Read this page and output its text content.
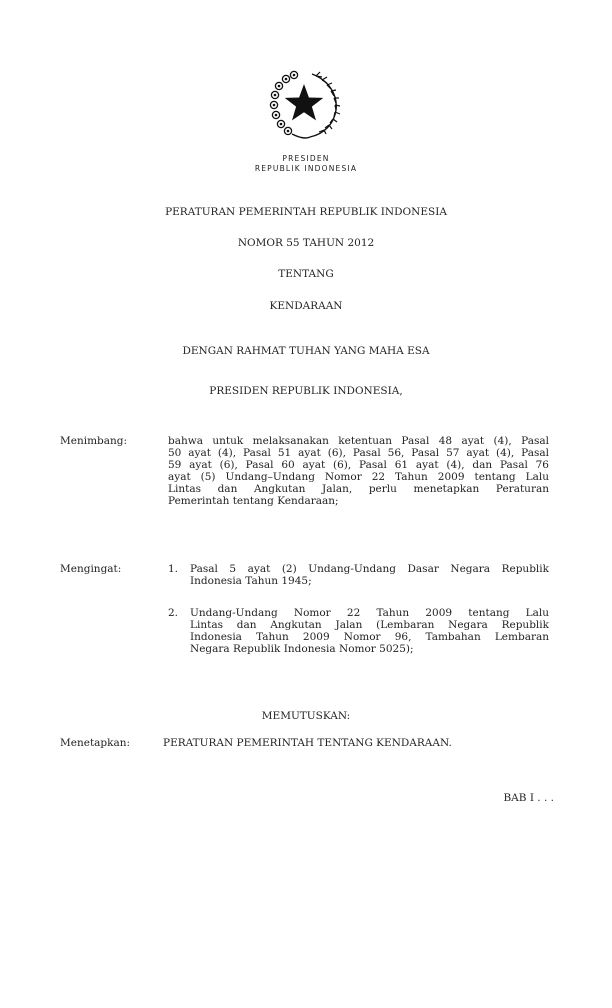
PRESIDEN
REPUBLIK INDONESIA
PERATURAN PEMERINTAH REPUBLIK INDONESIA
NOMOR 55 TAHUN 2012
TENTANG
KENDARAAN
DENGAN RAHMAT TUHAN YANG MAHA ESA
PRESIDEN REPUBLIK INDONESIA,
Menimbang:	bahwa untuk melaksanakan ketentuan Pasal 48 ayat (4), Pasal
50 ayat (4), Pasal 51 ayat (6), Pasal 56, Pasal 57 ayat (4), Pasal
59 ayat (6), Pasal 60 ayat (6), Pasal 61 ayat (4), dan Pasal 76
ayat (5) Undang–Undang Nomor 22 Tahun 2009 tentang Lalu
Lintas dan Angkutan Jalan, perlu menetapkan Peraturan
Pemerintah tentang Kendaraan;
Mengingat:	1. Pasal 5 ayat (2) Undang-Undang Dasar Negara Republik
Indonesia Tahun 1945;
2. Undang-Undang Nomor 22 Tahun 2009 tentang Lalu
Lintas dan Angkutan Jalan (Lembaran Negara Republik
Indonesia Tahun 2009 Nomor 96, Tambahan Lembaran
Negara Republik Indonesia Nomor 5025);
MEMUTUSKAN:
Menetapkan:	PERATURAN PEMERINTAH TENTANG KENDARAAN.
BAB I . . .
